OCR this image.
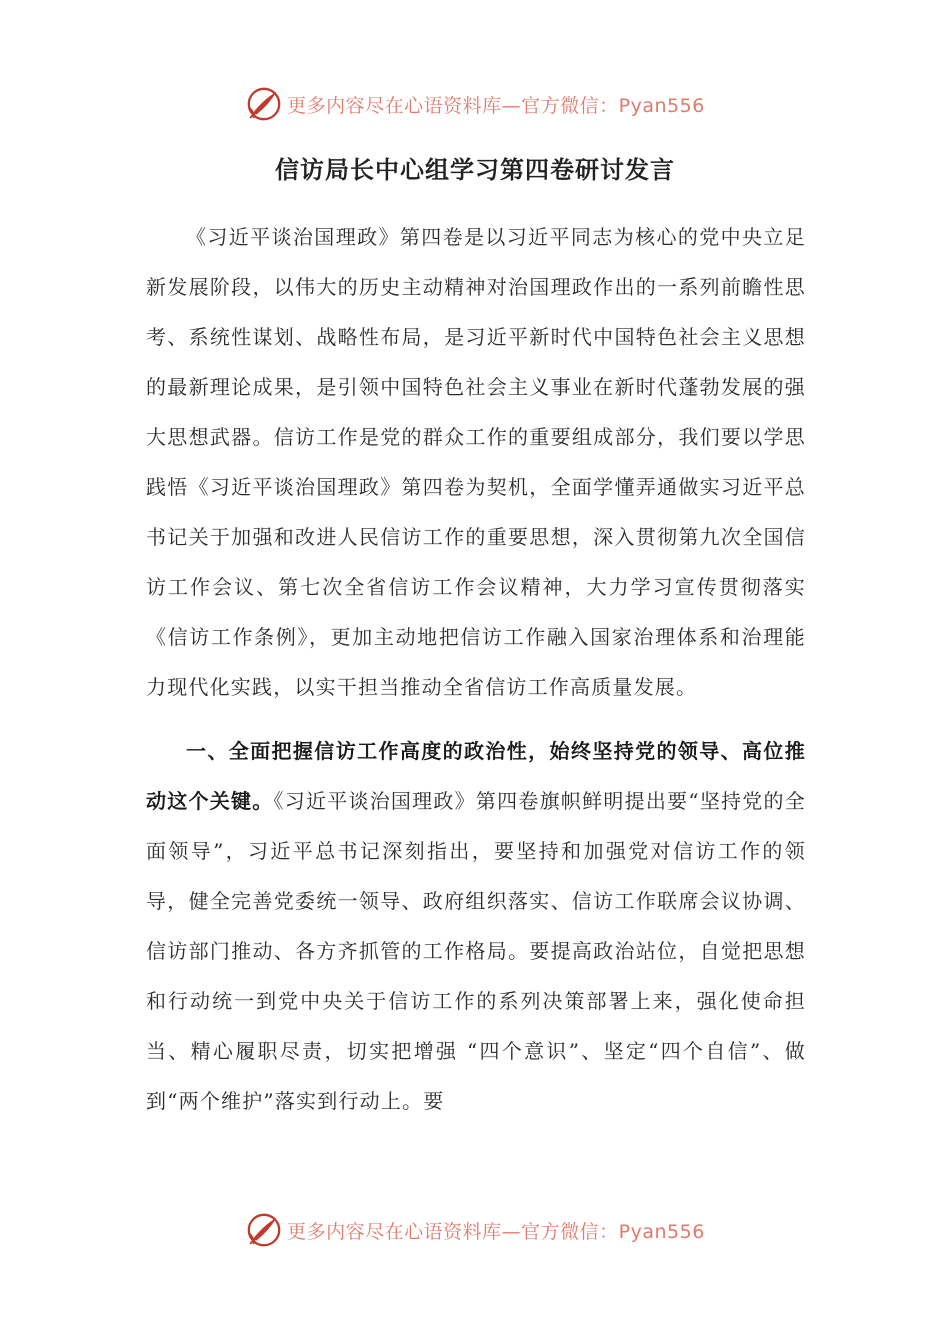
更多内容尽在心语资料库—官方微信：Pyan556
信访局长中心组学习第四卷研讨发言

《习近平谈治国理政》第四卷是以习近平同志为核心的党中央立足新发展阶段，以伟大的历史主动精神对治国理政作出的一系列前瞻性思考、系统性谋划、战略性布局，是习近平新时代中国特色社会主义思想的最新理论成果，是引领中国特色社会主义事业在新时代蓬勃发展的强大思想武器。信访工作是党的群众工作的重要组成部分，我们要以学思践悟《习近平谈治国理政》第四卷为契机，全面学懂弄通做实习近平总书记关于加强和改进人民信访工作的重要思想，深入贯彻第九次全国信访工作会议、第七次全省信访工作会议精神，大力学习宣传贯彻落实《信访工作条例》，更加主动地把信访工作融入国家治理体系和治理能力现代化实践，以实干担当推动全省信访工作高质量发展。

一、全面把握信访工作高度的政治性，始终坚持党的领导、高位推动这个关键。《习近平谈治国理政》第四卷旗帜鲜明提出要“坚持党的全面领导”，习近平总书记深刻指出，要坚持和加强党对信访工作的领导，健全完善党委统一领导、政府组织落实、信访工作联席会议协调、信访部门推动、各方齐抓管的工作格局。要提高政治站位，自觉把思想和行动统一到党中央关于信访工作的系列决策部署上来，强化使命担当、精心履职尽责，切实把增强 “四个意识”、坚定“四个自信”、做到“两个维护”落实到行动上。要

更多内容尽在心语资料库—官方微信：Pyan556
